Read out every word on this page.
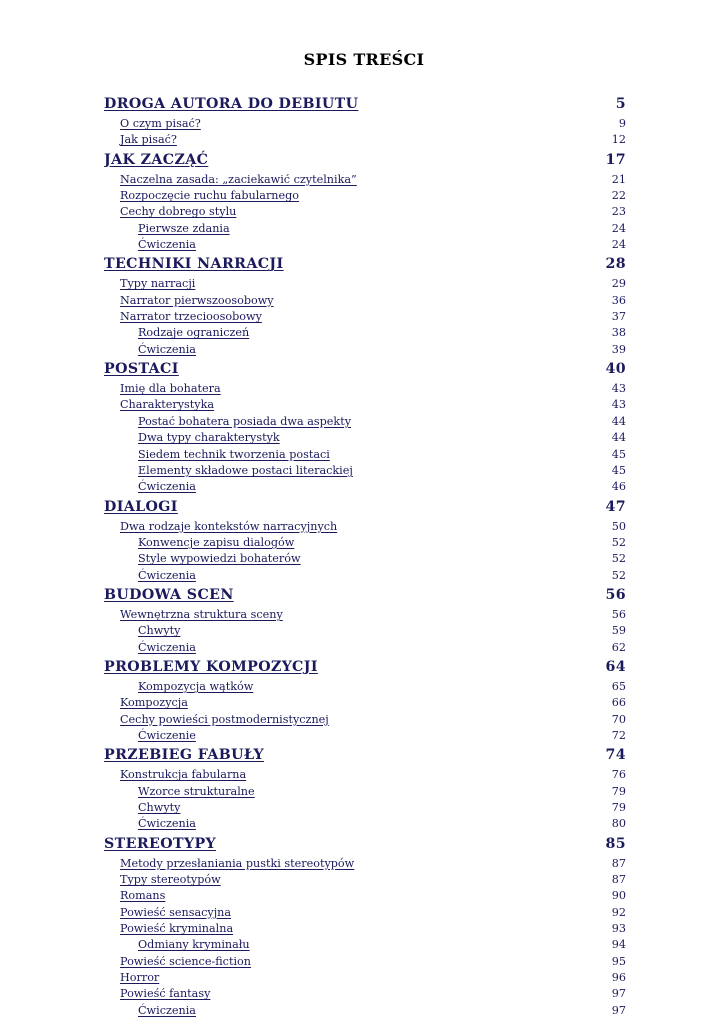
SPIS TREŚCI
DROGA AUTORA DO DEBIUTU	5
O czym pisać?	9
Jak pisać?	12
JAK ZACZĄĆ	17
Naczelna zasada: „zaciekawić czytelnika”	21
Rozpoczęcie ruchu fabularnego	22
Cechy dobrego stylu	23
Pierwsze zdania	24
Ćwiczenia	24
TECHNIKI NARRACJI	28
Typy narracji	29
Narrator pierwszoosobowy	36
Narrator trzecioosobowy	37
Rodzaje ograniczeń	38
Ćwiczenia	39
POSTACI	40
Imię dla bohatera	43
Charakterystyka	43
Postać bohatera posiada dwa aspekty	44
Dwa typy charakterystyk	44
Siedem technik tworzenia postaci	45
Elementy składowe postaci literackiej	45
Ćwiczenia	46
DIALOGI	47
Dwa rodzaje kontekstów narracyjnych	50
Konwencje zapisu dialogów	52
Style wypowiedzi bohaterów	52
Ćwiczenia	52
BUDOWA SCEN	56
Wewnętrzna struktura sceny	56
Chwyty	59
Ćwiczenia	62
PROBLEMY KOMPOZYCJI	64
Kompozycja wątków	65
Kompozycja	66
Cechy powieści postmodernistycznej	70
Ćwiczenie	72
PRZEBIEG FABUŁY	74
Konstrukcja fabularna	76
Wzorce strukturalne	79
Chwyty	79
Ćwiczenia	80
STEREOTYPY	85
Metody przesłaniania pustki stereotypów	87
Typy stereotypów	87
Romans	90
Powieść sensacyjna	92
Powieść kryminalna	93
Odmiany kryminału	94
Powieść science-fiction	95
Horror	96
Powieść fantasy	97
Ćwiczenia	97
